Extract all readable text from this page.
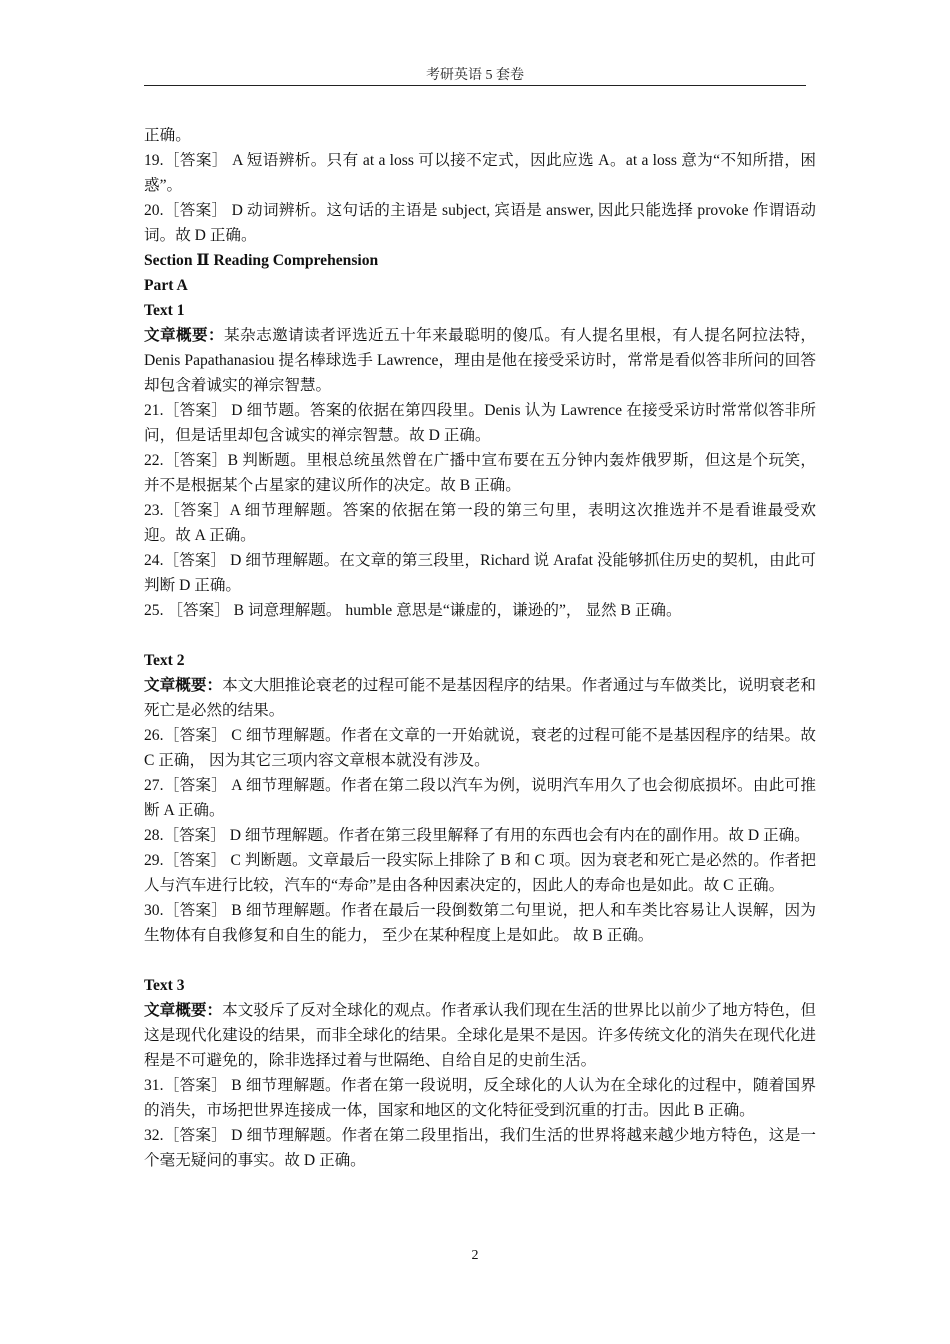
考研英语 5 套卷

正确。

19.［答案］ A 短语辨析。只有 at a loss 可以接不定式，因此应选 A。at a loss 意为“不知所措，困惑”。

20.［答案］ D 动词辨析。这句话的主语是 subject, 宾语是 answer, 因此只能选择 provoke 作谓语动词。故 D 正确。

Section Ⅱ Reading Comprehension

Part A

Text 1

文章概要：某杂志邀请读者评选近五十年来最聪明的傻瓜。有人提名里根，有人提名阿拉法特，Denis Papathanasiou 提名棒球选手 Lawrence，理由是他在接受采访时，常常是看似答非所问的回答却包含着诚实的禅宗智慧。

21.［答案］ D 细节题。答案的依据在第四段里。Denis 认为 Lawrence 在接受采访时常常似答非所问，但是话里却包含诚实的禅宗智慧。故 D 正确。

22.［答案］B 判断题。里根总统虽然曾在广播中宣布要在五分钟内轰炸俄罗斯，但这是个玩笑，并不是根据某个占星家的建议所作的决定。故 B 正确。

23.［答案］A 细节理解题。答案的依据在第一段的第三句里，表明这次推选并不是看谁最受欢迎。故 A 正确。

24.［答案］ D 细节理解题。在文章的第三段里，Richard 说 Arafat 没能够抓住历史的契机，由此可判断 D 正确。

25. ［答案］ B 词意理解题。 humble 意思是“谦虚的，谦逊的”， 显然 B 正确。

Text 2

文章概要：本文大胆推论衰老的过程可能不是基因程序的结果。作者通过与车做类比，说明衰老和死亡是必然的结果。

26.［答案］ C 细节理解题。作者在文章的一开始就说，衰老的过程可能不是基因程序的结果。故 C 正确， 因为其它三项内容文章根本就没有涉及。

27.［答案］ A 细节理解题。作者在第二段以汽车为例，说明汽车用久了也会彻底损坏。由此可推断 A 正确。

28.［答案］ D 细节理解题。作者在第三段里解释了有用的东西也会有内在的副作用。故 D 正确。

29.［答案］ C 判断题。文章最后一段实际上排除了 B 和 C 项。因为衰老和死亡是必然的。作者把人与汽车进行比较，汽车的“寿命”是由各种因素决定的，因此人的寿命也是如此。故 C 正确。

30.［答案］ B 细节理解题。作者在最后一段倒数第二句里说，把人和车类比容易让人误解，因为生物体有自我修复和自生的能力， 至少在某种程度上是如此。 故 B 正确。

Text 3

文章概要：本文驳斥了反对全球化的观点。作者承认我们现在生活的世界比以前少了地方特色，但这是现代化建设的结果，而非全球化的结果。全球化是果不是因。许多传统文化的消失在现代化进程是不可避免的，除非选择过着与世隔绝、自给自足的史前生活。

31.［答案］ B 细节理解题。作者在第一段说明，反全球化的人认为在全球化的过程中，随着国界的消失，市场把世界连接成一体，国家和地区的文化特征受到沉重的打击。因此 B 正确。

32.［答案］ D 细节理解题。作者在第二段里指出，我们生活的世界将越来越少地方特色，这是一个毫无疑问的事实。故 D 正确。

2
